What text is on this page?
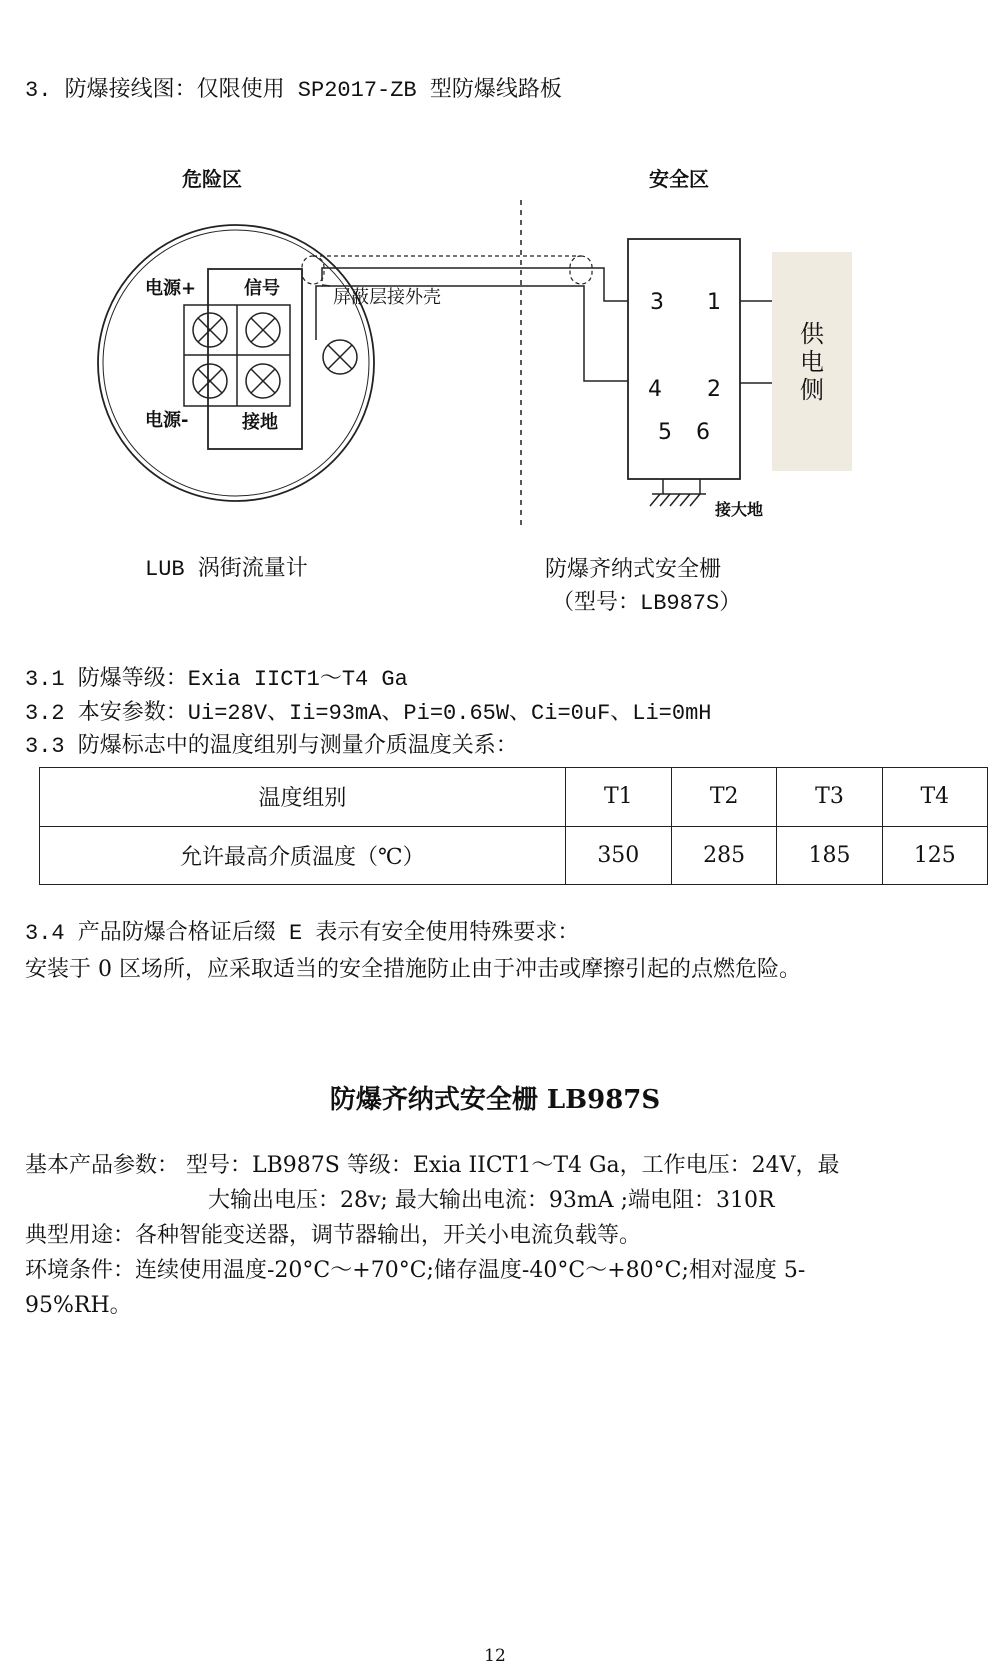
3. 防爆接线图：仅限使用 SP2017-ZB 型防爆线路板
危险区	安全区
电源+	信号
电源-	接地
屏蔽层接外壳	3 1
4 2
5 6
供
电
侧
接大地
LUB 涡街流量计	防爆齐纳式安全栅
（型号：LB987S）
3.1 防爆等级：Exia IICT1～T4 Ga
3.2 本安参数：Ui=28V、Ii=93mA、Pi=0.65W、Ci=0uF、Li=0mH
3.3 防爆标志中的温度组别与测量介质温度关系：
温度组别	T1	T2	T3	T4
允许最高介质温度（℃）	350	285	185	125
3.4 产品防爆合格证后缀 E 表示有安全使用特殊要求：
安装于 0 区场所，应采取适当的安全措施防止由于冲击或摩擦引起的点燃危险。
防爆齐纳式安全栅 LB987S
基本产品参数： 型号：LB987S 等级：Exia IICT1～T4 Ga，工作电压：24V，最
大输出电压：28v; 最大输出电流：93mA ;端电阻：310R
典型用途：各种智能变送器，调节器输出，开关小电流负载等。
环境条件：连续使用温度-20°C～+70°C;储存温度-40°C～+80°C;相对湿度 5-
95%RH。
12
